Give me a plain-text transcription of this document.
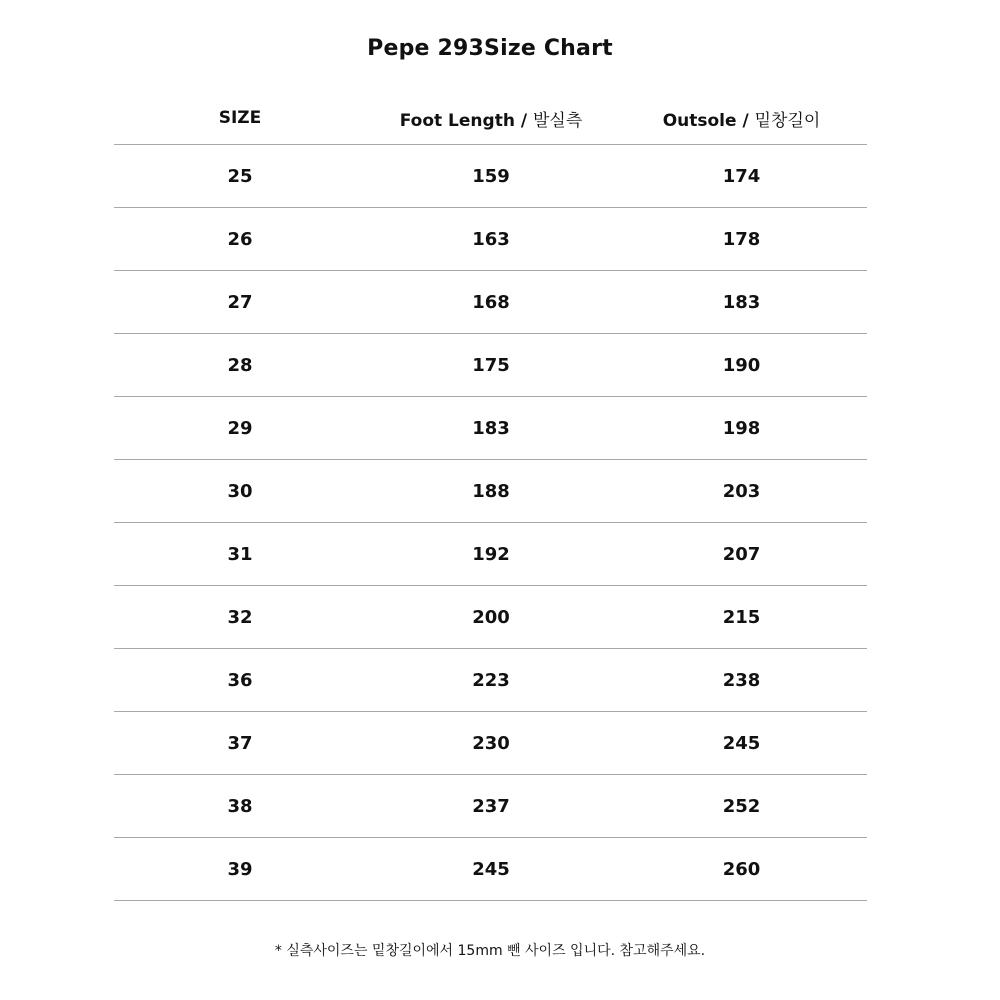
Pepe 293Size Chart
SIZE	Foot Length / 발실측	Outsole / 밑창길이
25	159	174
26	163	178
27	168	183
28	175	190
29	183	198
30	188	203
31	192	207
32	200	215
36	223	238
37	230	245
38	237	252
39	245	260
* 실측사이즈는 밑창길이에서 15mm 뺀 사이즈 입니다. 참고해주세요.
